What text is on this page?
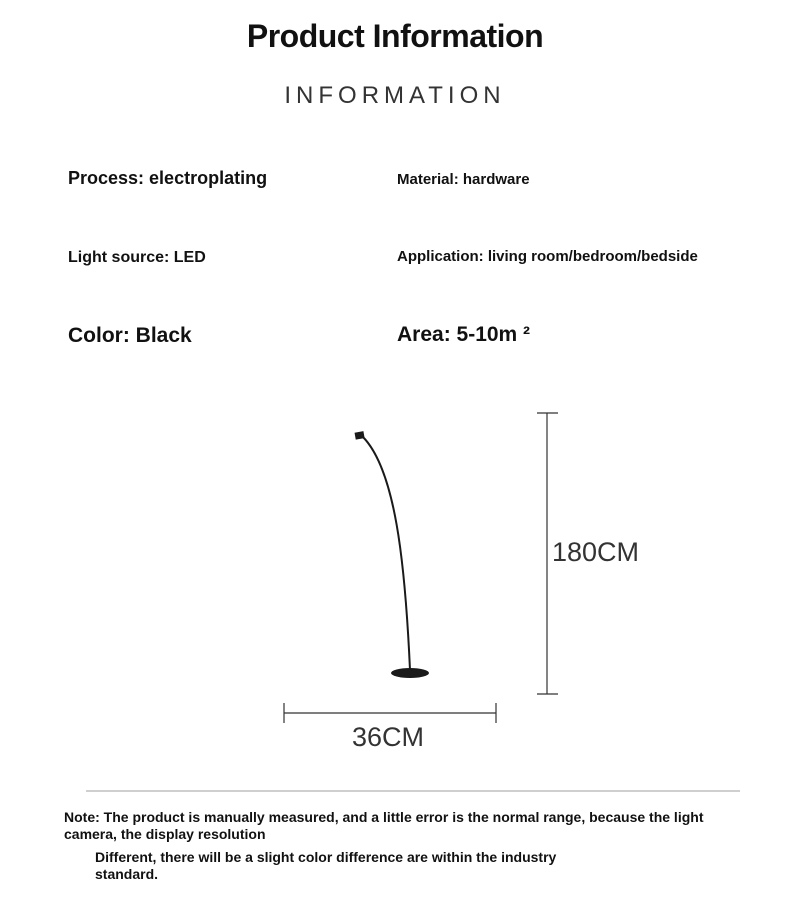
Product Information
INFORMATION
Process: electroplating	Material: hardware
Light source: LED	Application: living room/bedroom/bedside
Color: Black	Area: 5-10m ²
180CM
36CM
Note: The product is manually measured, and a little error is the normal range, because the light
camera, the display resolution
Different, there will be a slight color difference are within the industry
standard.
